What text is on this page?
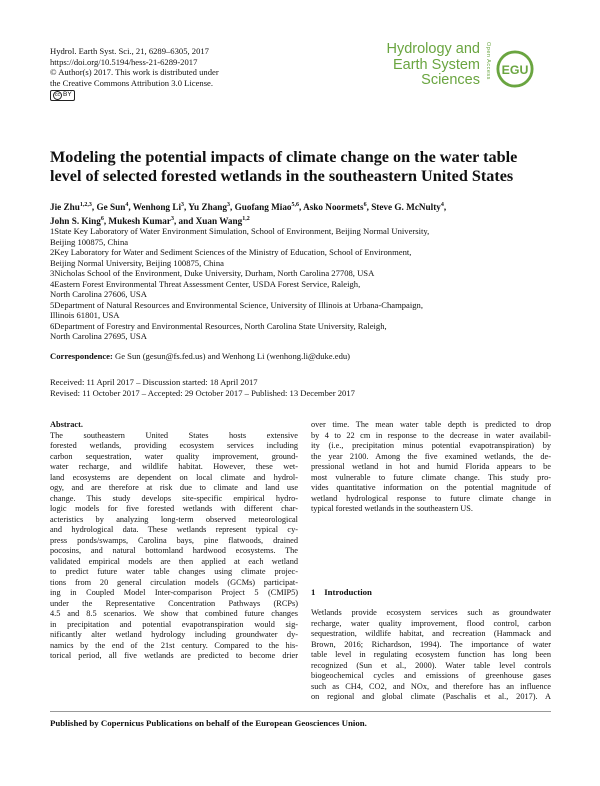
Hydrol. Earth Syst. Sci., 21, 6289–6305, 2017
https://doi.org/10.5194/hess-21-6289-2017
© Author(s) 2017. This work is distributed under
the Creative Commons Attribution 3.0 License.
cc BY
Hydrology and
Earth System
Sciences
Open Access EGU
Modeling the potential impacts of climate change on the water table
level of selected forested wetlands in the southeastern United States
Jie Zhu$^{1,2,3}$, Ge Sun$^4$, Wenhong Li$^3$, Yu Zhang$^3$, Guofang Miao$^{5,6}$, Asko Noormets$^6$, Steve G. McNulty$^4$,
John S. King$^6$, Mukesh Kumar$^3$, and Xuan Wang$^{1,2}$
1State Key Laboratory of Water Environment Simulation, School of Environment, Beijing Normal University,
Beijing 100875, China
2Key Laboratory for Water and Sediment Sciences of the Ministry of Education, School of Environment,
Beijing Normal University, Beijing 100875, China
3Nicholas School of the Environment, Duke University, Durham, North Carolina 27708, USA
4Eastern Forest Environmental Threat Assessment Center, USDA Forest Service, Raleigh,
North Carolina 27606, USA
5Department of Natural Resources and Environmental Science, University of Illinois at Urbana-Champaign,
Illinois 61801, USA
6Department of Forestry and Environmental Resources, North Carolina State University, Raleigh,
North Carolina 27695, USA
Correspondence: Ge Sun (gesun@fs.fed.us) and Wenhong Li (wenhong.li@duke.edu)
Received: 11 April 2017 – Discussion started: 18 April 2017
Revised: 11 October 2017 – Accepted: 29 October 2017 – Published: 13 December 2017
Abstract.
The southeastern United States hosts extensive
forested wetlands, providing ecosystem services including
carbon sequestration, water quality improvement, ground-
water recharge, and wildlife habitat. However, these wet-
land ecosystems are dependent on local climate and hydrol-
ogy, and are therefore at risk due to climate and land use
change. This study develops site-specific empirical hydro-
logic models for five forested wetlands with different char-
acteristics by analyzing long-term observed meteorological
and hydrological data. These wetlands represent typical cy-
press ponds/swamps, Carolina bays, pine flatwoods, drained
pocosins, and natural bottomland hardwood ecosystems. The
validated empirical models are then applied at each wetland
to predict future water table changes using climate projec-
tions from 20 general circulation models (GCMs) participat-
ing in Coupled Model Inter-comparison Project 5 (CMIP5)
under the Representative Concentration Pathways (RCPs)
4.5 and 8.5 scenarios. We show that combined future changes
in precipitation and potential evapotranspiration would sig-
nificantly alter wetland hydrology including groundwater dy-
namics by the end of the 21st century. Compared to the his-
torical period, all five wetlands are predicted to become drier
over time. The mean water table depth is predicted to drop
by 4 to 22 cm in response to the decrease in water availabil-
ity (i.e., precipitation minus potential evapotranspiration) by
the year 2100. Among the five examined wetlands, the de-
pressional wetland in hot and humid Florida appears to be
most vulnerable to future climate change. This study pro-
vides quantitative information on the potential magnitude of
wetland hydrological response to future climate change in
typical forested wetlands in the southeastern US.
1 Introduction
Wetlands provide ecosystem services such as groundwater
recharge, water quality improvement, flood control, carbon
sequestration, wildlife habitat, and recreation (Hammack and
Brown, 2016; Richardson, 1994). The importance of water
table level in regulating ecosystem function has long been
recognized (Sun et al., 2000). Water table level controls
biogeochemical cycles and emissions of greenhouse gases
such as CH4, CO2, and NOx, and therefore has an influence
on regional and global climate (Paschalis et al., 2017). A
Published by Copernicus Publications on behalf of the European Geosciences Union.
